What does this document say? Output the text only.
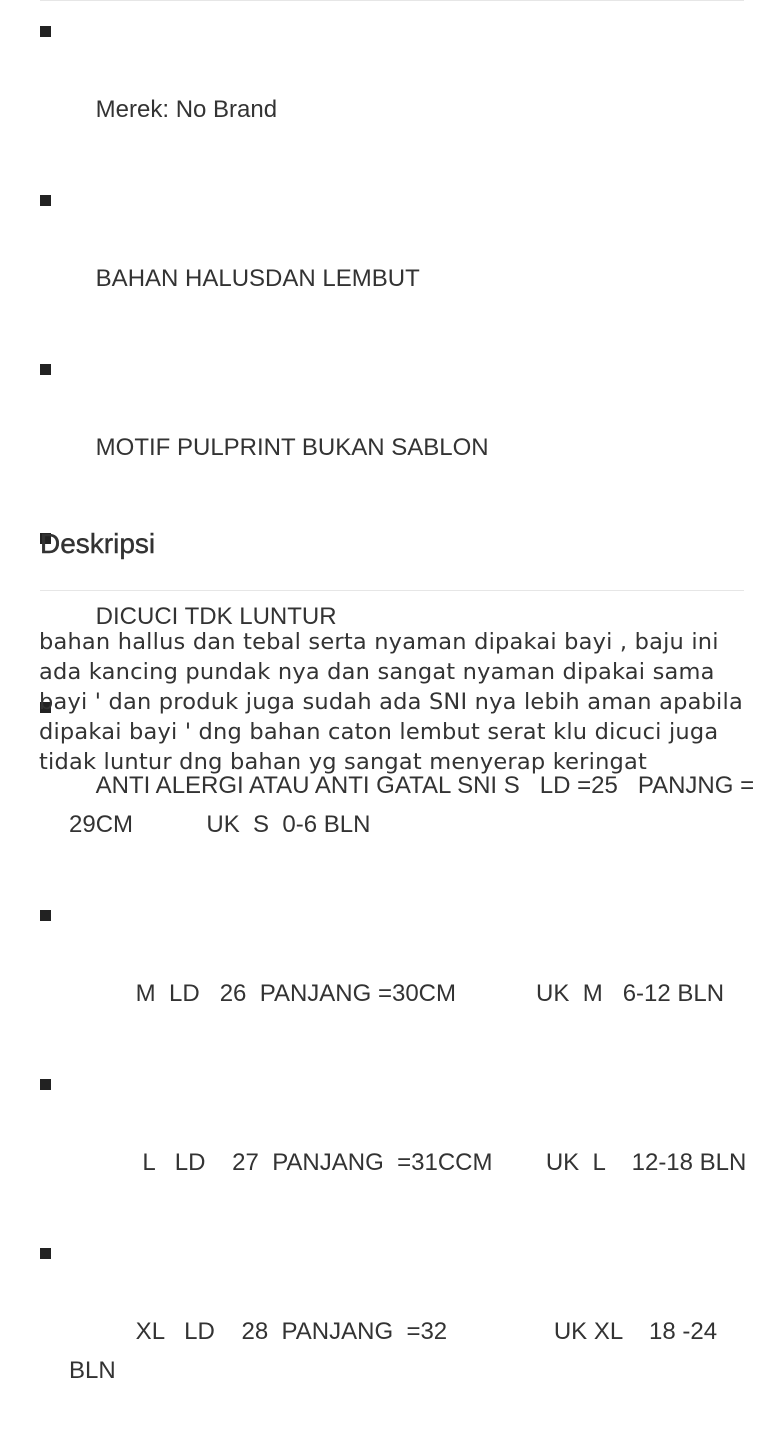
Merek: No Brand

BAHAN HALUSDAN LEMBUT

MOTIF PULPRINT BUKAN SABLON

DICUCI TDK LUNTUR

ANTI ALERGI ATAU ANTI GATAL SNI S   LD =25   PANJNG = 29CM           UK  S  0-6 BLN

M  LD   26  PANJANG =30CM            UK  M   6-12 BLN

L   LD    27  PANJANG  =31CCM        UK  L    12-18 BLN

XL   LD    28  PANJANG  =32                UK XL    18 -24 BLN

Deskripsi

bahan hallus dan tebal serta nyaman dipakai bayi , baju ini ada kancing pundak nya dan sangat nyaman dipakai sama bayi ' dan produk juga sudah ada SNI nya lebih aman apabila dipakai bayi ' dng bahan caton lembut serat klu dicuci juga tidak luntur dng bahan yg sangat menyerap keringat
